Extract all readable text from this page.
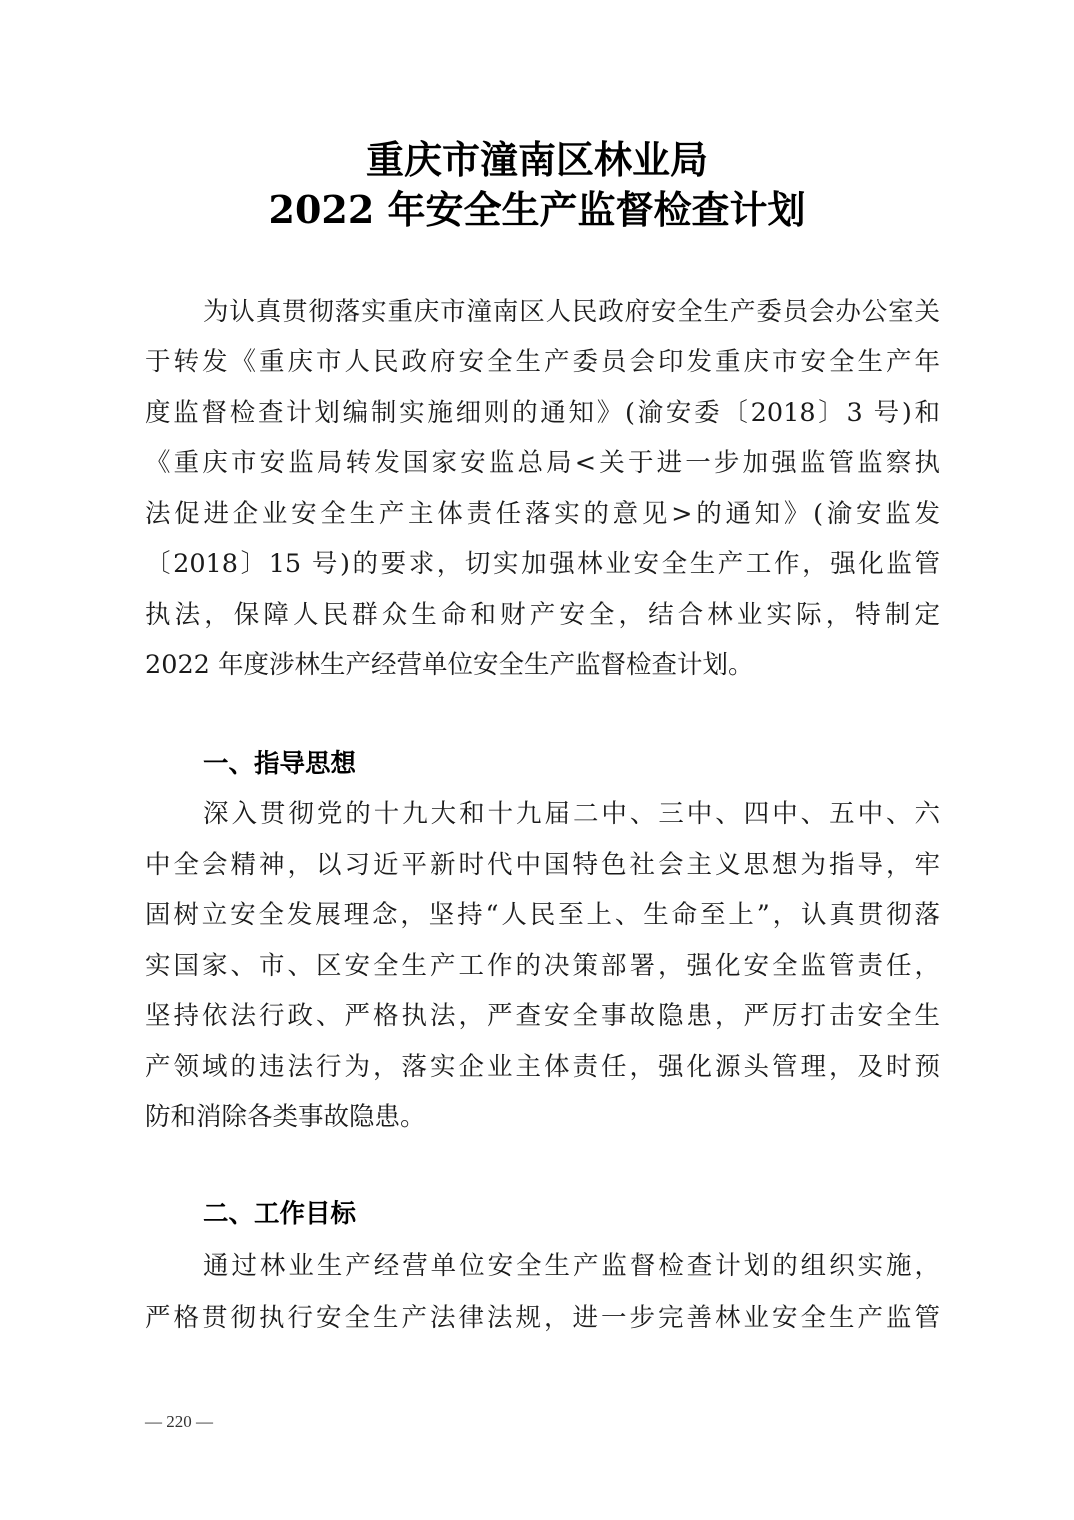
重庆市潼南区林业局
2022 年安全生产监督检查计划
为认真贯彻落实重庆市潼南区人民政府安全生产委员会办公室关
于转发《重庆市人民政府安全生产委员会印发重庆市安全生产年
度监督检查计划编制实施细则的通知》(渝安委〔2018〕3 号)和
《重庆市安监局转发国家安监总局<关于进一步加强监管监察执
法促进企业安全生产主体责任落实的意见>的通知》(渝安监发
〔2018〕15 号)的要求，切实加强林业安全生产工作，强化监管
执法，保障人民群众生命和财产安全，结合林业实际，特制定
2022 年度涉林生产经营单位安全生产监督检查计划。
一、指导思想
深入贯彻党的十九大和十九届二中、三中、四中、五中、六
中全会精神，以习近平新时代中国特色社会主义思想为指导，牢
固树立安全发展理念，坚持“人民至上、生命至上”，认真贯彻落
实国家、市、区安全生产工作的决策部署，强化安全监管责任，
坚持依法行政、严格执法，严查安全事故隐患，严厉打击安全生
产领域的违法行为，落实企业主体责任，强化源头管理，及时预
防和消除各类事故隐患。
二、工作目标
通过林业生产经营单位安全生产监督检查计划的组织实施，
严格贯彻执行安全生产法律法规，进一步完善林业安全生产监管
— 220 —
